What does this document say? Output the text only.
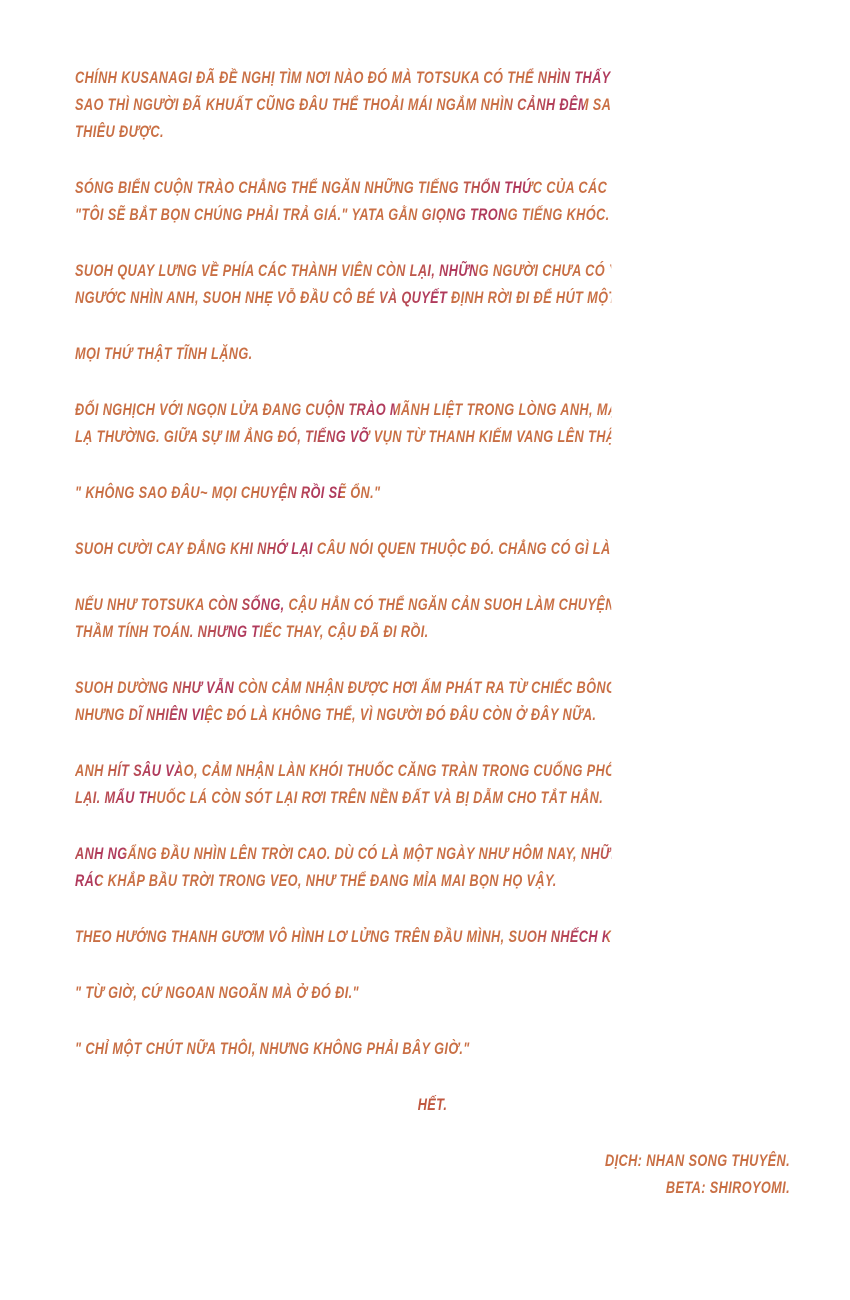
CHÍNH KUSANAGI ĐÃ ĐỀ NGHỊ TÌM NƠI NÀO ĐÓ MÀ TOTSUKA CÓ THỂ NHÌN THẤY BIỂN. CHỈ CÓ ĐIỀU, DÙ
SAO THÌ NGƯỜI ĐÃ KHUẤT CŨNG ĐÂU THỂ THOẢI MÁI NGẮM NHÌN CẢNH ĐÊM SAU KHI BỊ KHIÊNG RA ĐÂY
THIÊU ĐƯỢC.
SÓNG BIỂN CUỘN TRÀO CHẲNG THỂ NGĂN NHỮNG TIẾNG THỔN THỨC CỦA CÁC THÀNH VIÊN HOMRA.
"TÔI SẼ BẮT BỌN CHÚNG PHẢI TRẢ GIÁ." YATA GẰN GIỌNG TRONG TIẾNG KHÓC.
SUOH QUAY LƯNG VỀ PHÍA CÁC THÀNH VIÊN CÒN LẠI, NHỮNG NGƯỜI CHƯA CÓ Ý ĐỊNH TRỞ VỀ. ANNA
NGƯỚC NHÌN ANH, SUOH NHẸ VỖ ĐẦU CÔ BÉ VÀ QUYẾT ĐỊNH RỜI ĐI ĐỂ HÚT MỘT ĐIẾU XÌ GÀ.
MỌI THỨ THẬT TĨNH LẶNG.
ĐỐI NGHỊCH VỚI NGỌN LỬA ĐANG CUỘN TRÀO MÃNH LIỆT TRONG LÒNG ANH, MẶT BIỂN LẠI BÌNH YÊN
LẠ THƯỜNG. GIỮA SỰ IM ẮNG ĐÓ, TIẾNG VỠ VỤN TỪ THANH KIẾM VANG LÊN THẬT RÕ RÀNG.
" KHÔNG SAO ĐÂU~ MỌI CHUYỆN RỒI SẼ ỔN."
SUOH CƯỜI CAY ĐẮNG KHI NHỚ LẠI CÂU NÓI QUEN THUỘC ĐÓ. CHẲNG CÓ GÌ LÀ ỔN NỮA ĐÂU.
NẾU NHƯ TOTSUKA CÒN SỐNG, CẬU HẲN CÓ THỂ NGĂN CẢN SUOH LÀM CHUYỆN MÀ ANH ĐANG ÂM
THẦM TÍNH TOÁN. NHƯNG TIẾC THAY, CẬU ĐÃ ĐI RỒI.
SUOH DƯỜNG NHƯ VẪN CÒN CẢM NHẬN ĐƯỢC HƠI ẤM PHÁT RA TỪ CHIẾC BÔNG TAI TRÁI CỦA MÌNH.
NHƯNG DĨ NHIÊN VIỆC ĐÓ LÀ KHÔNG THỂ, VÌ NGƯỜI ĐÓ ĐÂU CÒN Ở ĐÂY NỮA.
ANH HÍT SÂU VÀO, CẢM NHẬN LÀN KHÓI THUỐC CĂNG TRÀN TRONG CUỐNG PHỔI, RỒI NHẢ CHÚNG RA
LẠI. MẨU THUỐC LÁ CÒN SÓT LẠI RƠI TRÊN NỀN ĐẤT VÀ BỊ DẪM CHO TẮT HẲN.
ANH NGẨNG ĐẦU NHÌN LÊN TRỜI CAO. DÙ CÓ LÀ MỘT NGÀY NHƯ HÔM NAY, NHỮNG NGÔI SAO VẪN RẢI
RÁC KHẮP BẦU TRỜI TRONG VEO, NHƯ THỂ ĐANG MỈA MAI BỌN HỌ VẬY.
THEO HƯỚNG THANH GƯƠM VÔ HÌNH LƠ LỬNG TRÊN ĐẦU MÌNH, SUOH NHẾCH KHÓE MÔI NHƯ CƯỜI NHẠO.
" TỪ GIỜ, CỨ NGOAN NGOÃN MÀ Ở ĐÓ ĐI."
" CHỈ MỘT CHÚT NỮA THÔI, NHƯNG KHÔNG PHẢI BÂY GIỜ."
HẾT.
DỊCH: NHAN SONG THUYÊN.
BETA: SHIROYOMI.
